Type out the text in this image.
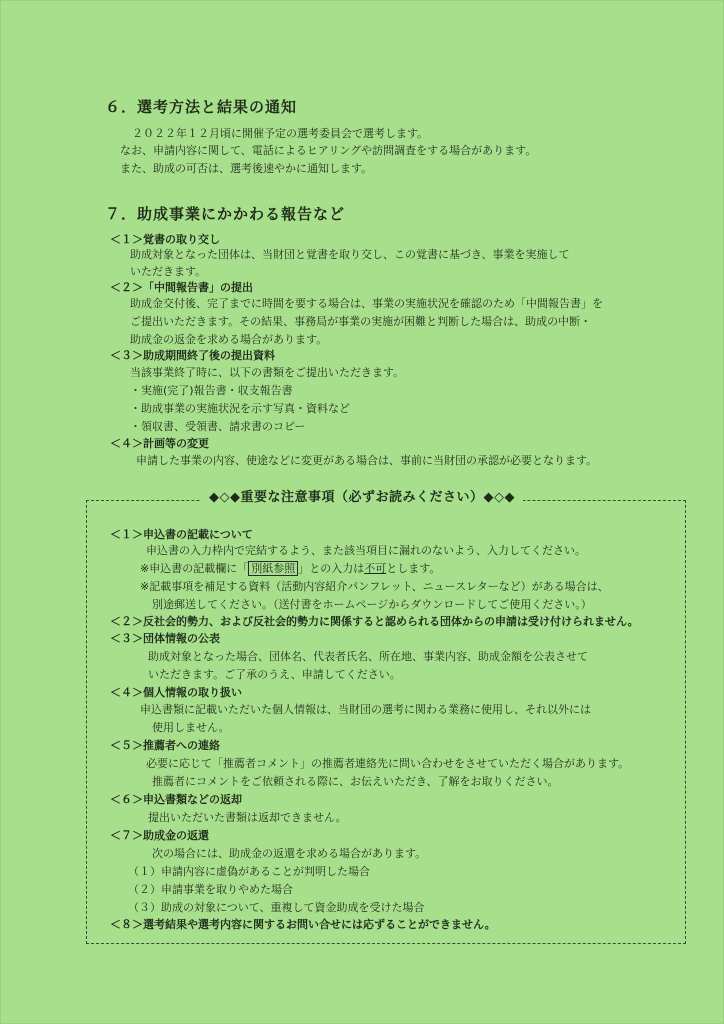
６．選考方法と結果の通知
２０２２年１２月頃に開催予定の選考委員会で選考します。
なお、申請内容に関して、電話によるヒアリングや訪問調査をする場合があります。
また、助成の可否は、選考後速やかに通知します。
７．助成事業にかかわる報告など
＜１＞覚書の取り交し
助成対象となった団体は、当財団と覚書を取り交し、この覚書に基づき、事業を実施して
いただきます。
＜２＞「中間報告書」の提出
助成金交付後、完了までに時間を要する場合は、事業の実施状況を確認のため「中間報告書」を
ご提出いただきます。その結果、事務局が事業の実施が困難と判断した場合は、助成の中断・
助成金の返金を求める場合があります。
＜３＞助成期間終了後の提出資料
当該事業終了時に、以下の書類をご提出いただきます。
・実施(完了)報告書・収支報告書
・助成事業の実施状況を示す写真・資料など
・領収書、受領書、請求書のコピー
＜４＞計画等の変更
申請した事業の内容、使途などに変更がある場合は、事前に当財団の承認が必要となります。
◆◇◆重要な注意事項（必ずお読みください）◆◇◆
＜１＞申込書の記載について
申込書の入力枠内で完結するよう、また該当項目に漏れのないよう、入力してください。
※申込書の記載欄に「 別紙参照 」との入力は不可とします。
※記載事項を補足する資料（活動内容紹介パンフレット、ニュースレターなど）がある場合は、
別途郵送してください。（送付書をホームページからダウンロードしてご使用ください。）
＜２＞反社会的勢力、および反社会的勢力に関係すると認められる団体からの申請は受け付けられません。
＜３＞団体情報の公表
助成対象となった場合、団体名、代表者氏名、所在地、事業内容、助成金額を公表させて
いただきます。ご了承のうえ、申請してください。
＜４＞個人情報の取り扱い
申込書類に記載いただいた個人情報は、当財団の選考に関わる業務に使用し、それ以外には
使用しません。
＜５＞推薦者への連絡
必要に応じて「推薦者コメント」の推薦者連絡先に問い合わせをさせていただく場合があります。
推薦者にコメントをご依頼される際に、お伝えいただき、了解をお取りください。
＜６＞申込書類などの返却
提出いただいた書類は返却できません。
＜７＞助成金の返還
次の場合には、助成金の返還を求める場合があります。
（１）申請内容に虚偽があることが判明した場合
（２）申請事業を取りやめた場合
（３）助成の対象について、重複して資金助成を受けた場合
＜８＞選考結果や選考内容に関するお問い合せには応ずることができません。
